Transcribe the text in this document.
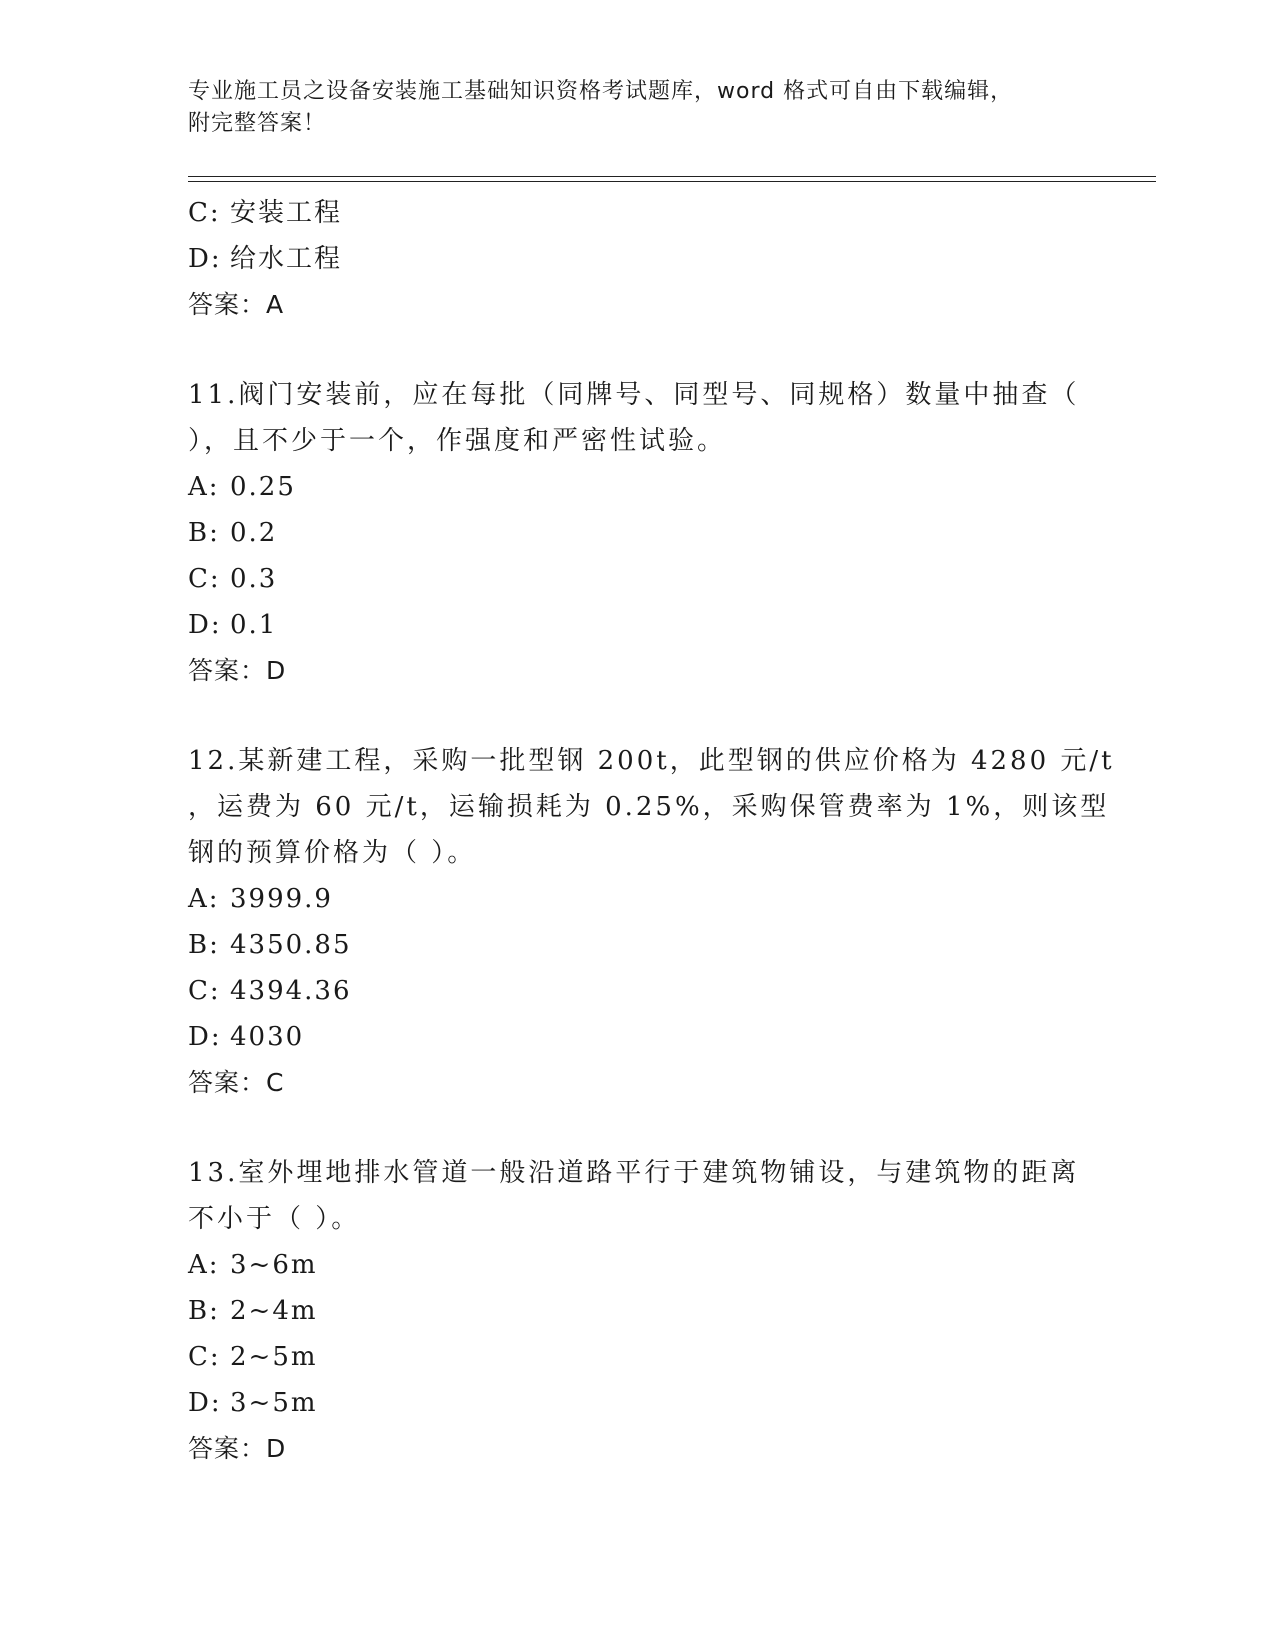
专业施工员之设备安装施工基础知识资格考试题库，word 格式可自由下载编辑，
附完整答案！
C: 安装工程
D: 给水工程
答案：A
11.阀门安装前，应在每批（同牌号、同型号、同规格）数量中抽查（
），且不少于一个，作强度和严密性试验。
A: 0.25
B: 0.2
C: 0.3
D: 0.1
答案：D
12.某新建工程，采购一批型钢 200t，此型钢的供应价格为 4280 元/t
，运费为 60 元/t，运输损耗为 0.25%，采购保管费率为 1%，则该型
钢的预算价格为（ ）。
A: 3999.9
B: 4350.85
C: 4394.36
D: 4030
答案：C
13.室外埋地排水管道一般沿道路平行于建筑物铺设，与建筑物的距离
不小于（ ）。
A: 3~6m
B: 2~4m
C: 2~5m
D: 3~5m
答案：D
